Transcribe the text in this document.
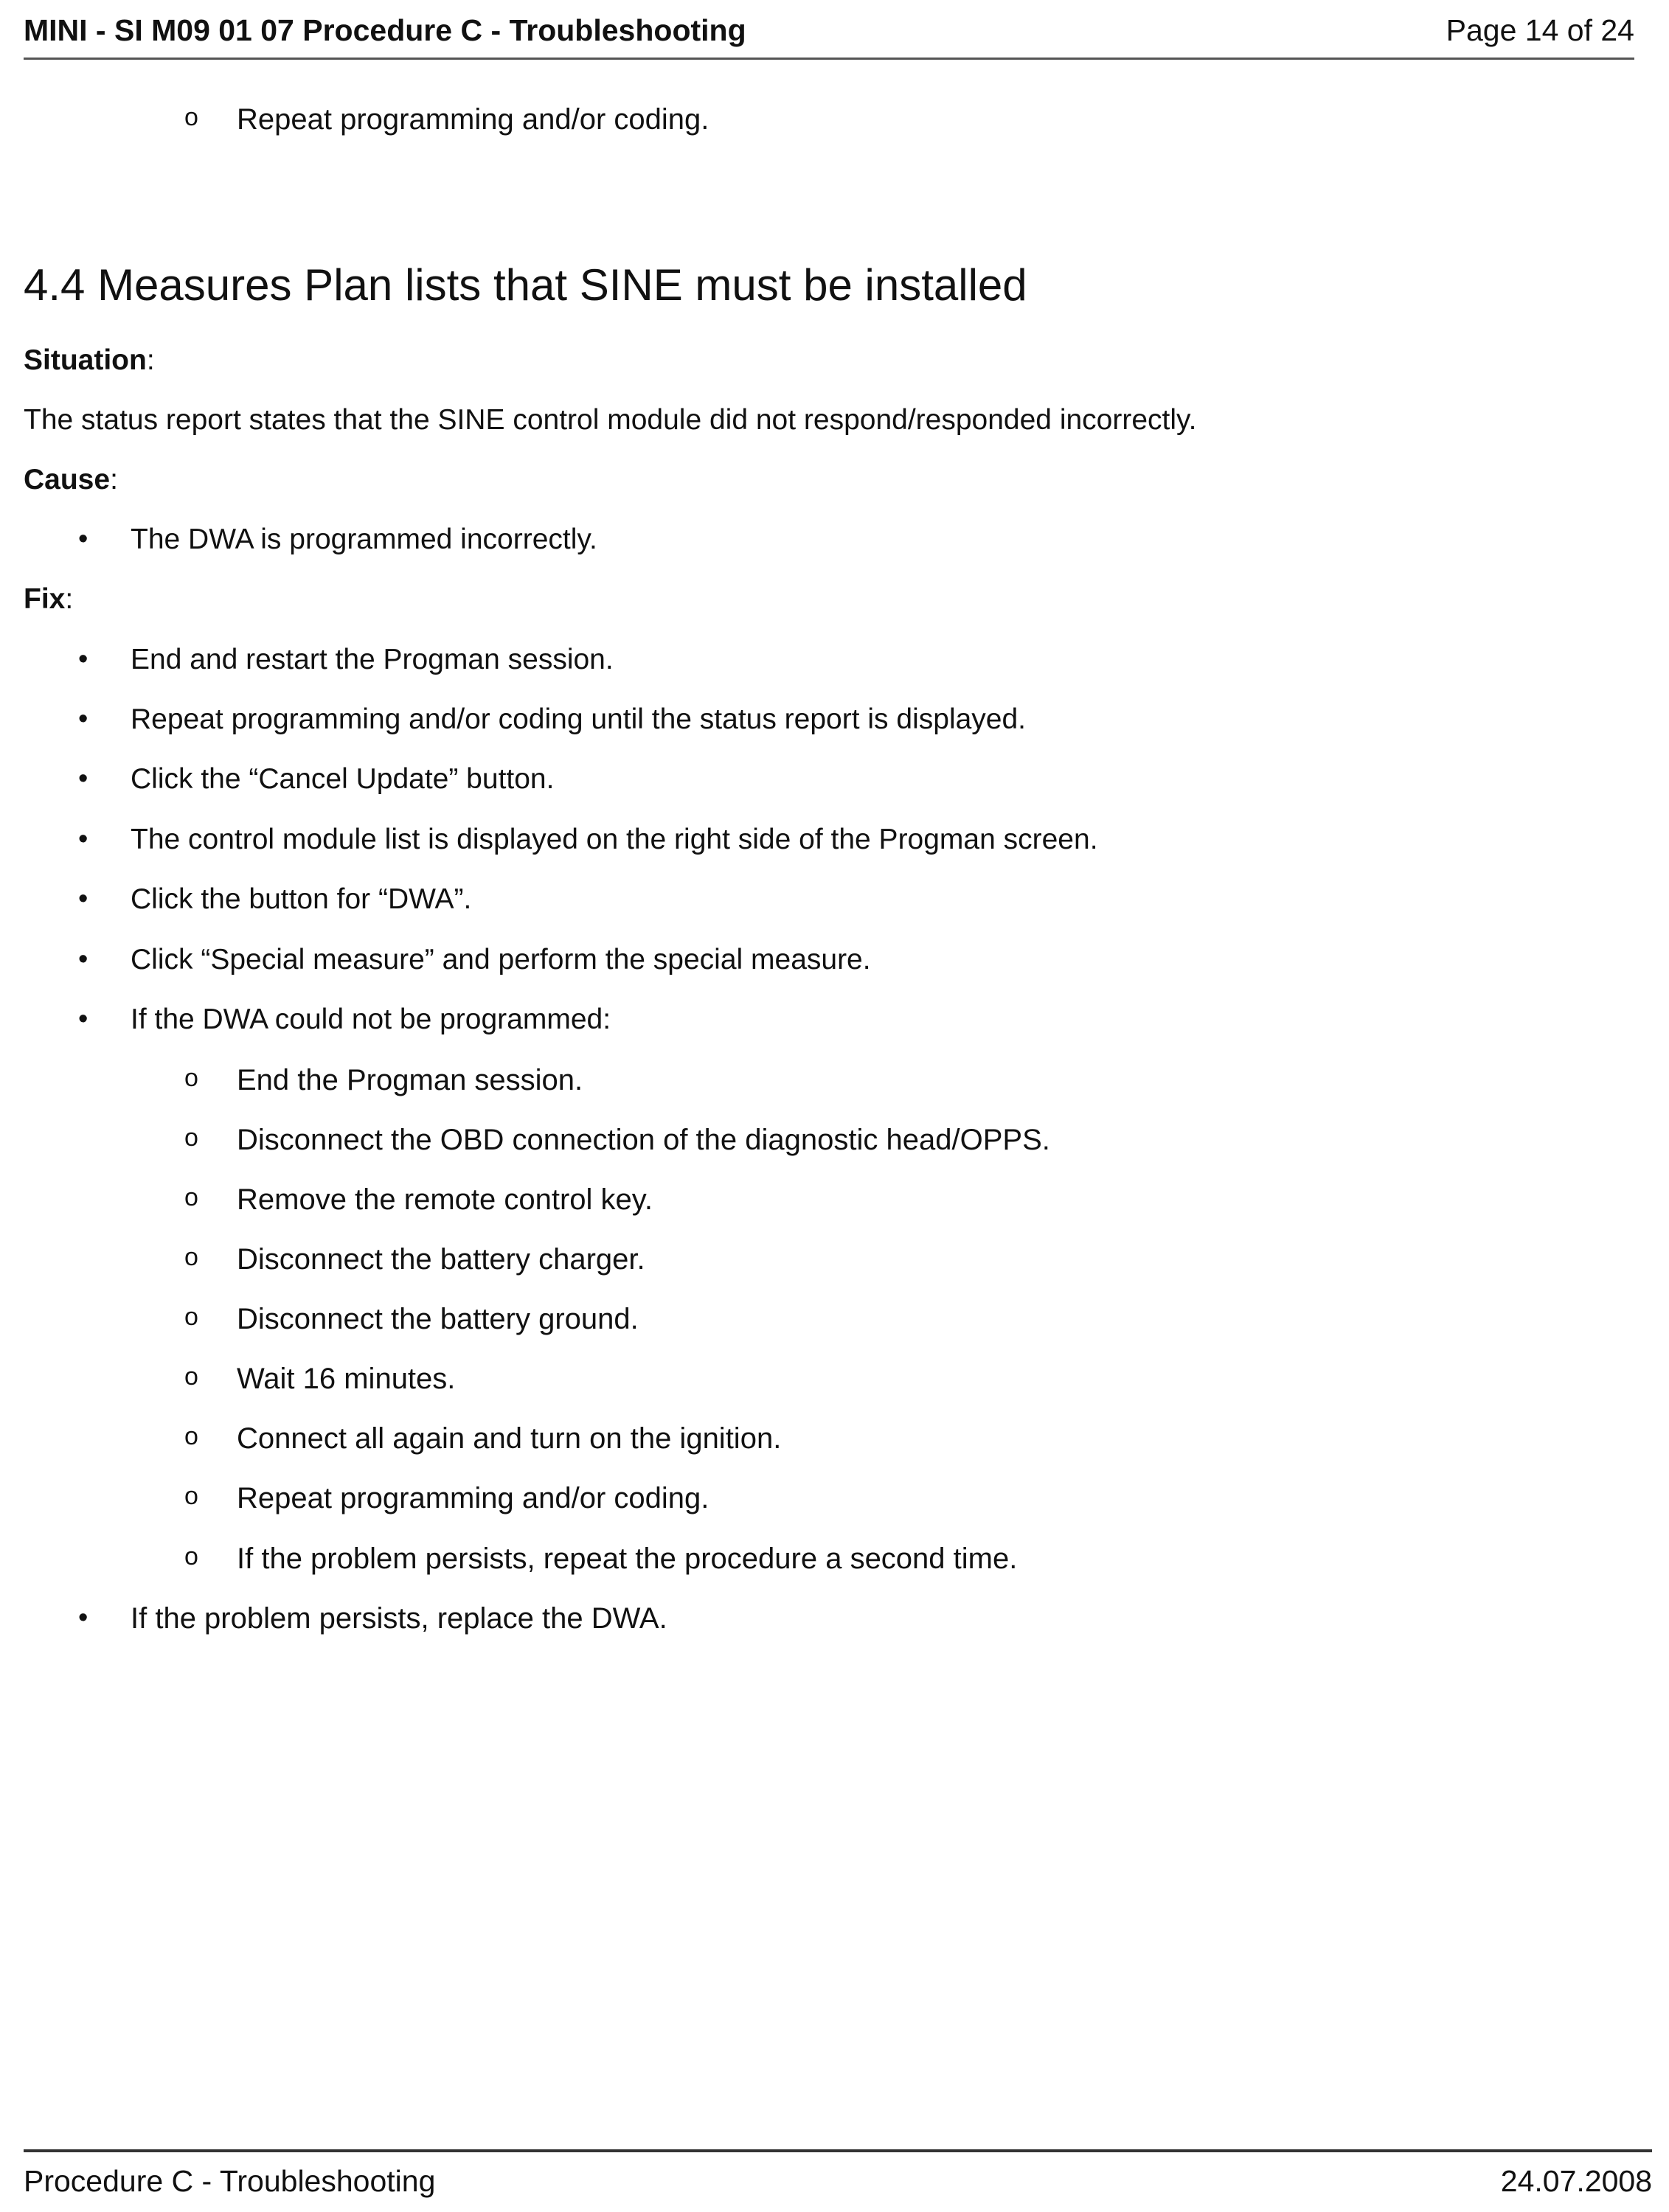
MINI - SI M09 01 07 Procedure C - Troubleshooting	Page 14 of 24
o Repeat programming and/or coding.
4.4 Measures Plan lists that SINE must be installed
Situation:
The status report states that the SINE control module did not respond/responded incorrectly.
Cause:
• The DWA is programmed incorrectly.
Fix:
• End and restart the Progman session.
• Repeat programming and/or coding until the status report is displayed.
• Click the “Cancel Update” button.
• The control module list is displayed on the right side of the Progman screen.
• Click the button for “DWA”.
• Click “Special measure” and perform the special measure.
• If the DWA could not be programmed:
o End the Progman session.
o Disconnect the OBD connection of the diagnostic head/OPPS.
o Remove the remote control key.
o Disconnect the battery charger.
o Disconnect the battery ground.
o Wait 16 minutes.
o Connect all again and turn on the ignition.
o Repeat programming and/or coding.
o If the problem persists, repeat the procedure a second time.
• If the problem persists, replace the DWA.
Procedure C - Troubleshooting	24.07.2008
